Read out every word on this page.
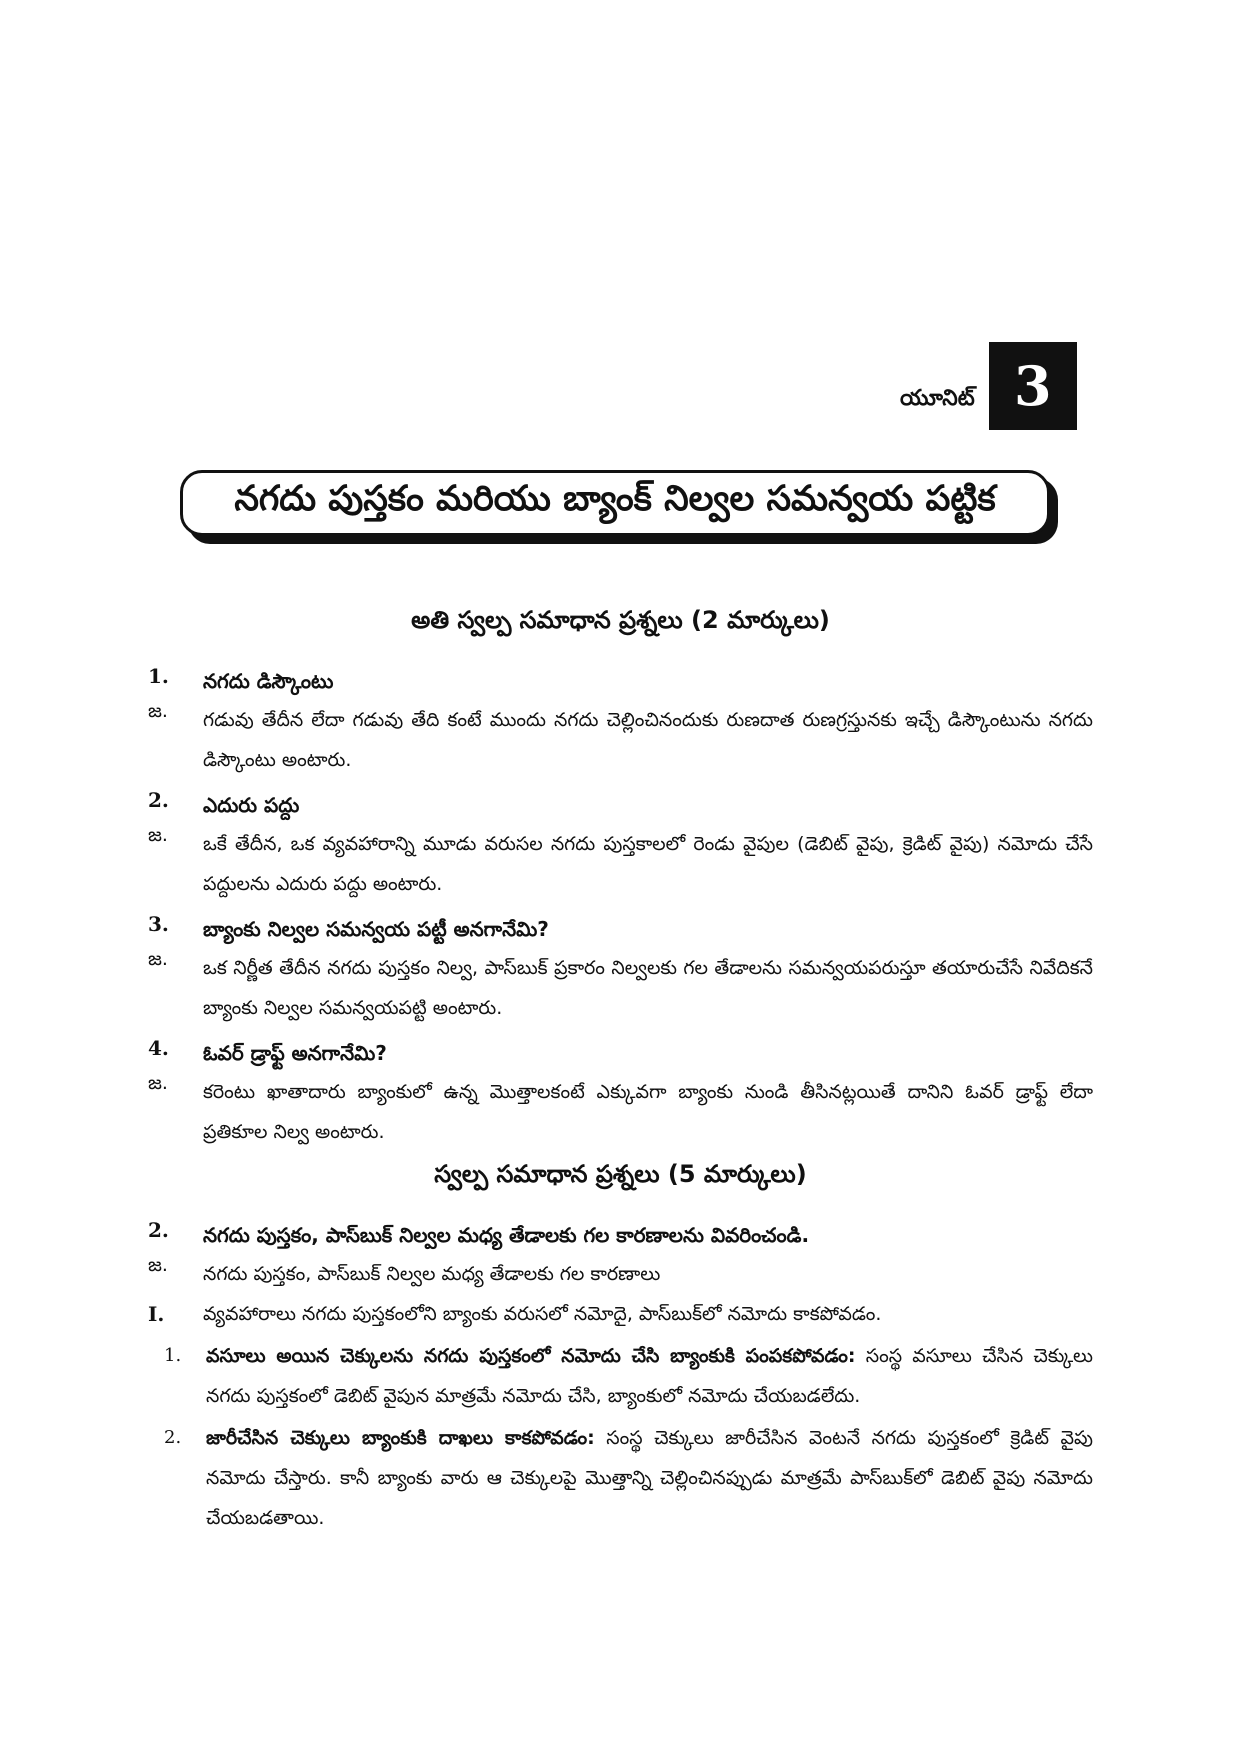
యూనిట్ 3
నగదు పుస్తకం మరియు బ్యాంక్ నిల్వల సమన్వయ పట్టిక
అతి స్వల్ప సమాధాన ప్రశ్నలు (2 మార్కులు)
1.	నగదు డిస్కౌంటు
జ.	గడువు తేదీన లేదా గడువు తేది కంటే ముందు నగదు చెల్లించినందుకు రుణదాత రుణగ్రస్తునకు ఇచ్చే డిస్కౌంటును నగదు డిస్కౌంటు అంటారు.
2.	ఎదురు పద్దు
జ.	ఒకే తేదీన, ఒక వ్యవహారాన్ని మూడు వరుసల నగదు పుస్తకాలలో రెండు వైపుల (డెబిట్ వైపు, క్రెడిట్ వైపు) నమోదు చేసే పద్దులను ఎదురు పద్దు అంటారు.
3.	బ్యాంకు నిల్వల సమన్వయ పట్టీ అనగానేమి?
జ.	ఒక నిర్ణీత తేదీన నగదు పుస్తకం నిల్వ, పాస్‌బుక్ ప్రకారం నిల్వలకు గల తేడాలను సమన్వయపరుస్తూ తయారుచేసే నివేదికనే బ్యాంకు నిల్వల సమన్వయపట్టి అంటారు.
4.	ఓవర్ డ్రాఫ్ట్ అనగానేమి?
జ.	కరెంటు ఖాతాదారు బ్యాంకులో ఉన్న మొత్తాలకంటే ఎక్కువగా బ్యాంకు నుండి తీసినట్లయితే దానిని ఓవర్ డ్రాఫ్ట్ లేదా ప్రతికూల నిల్వ అంటారు.
స్వల్ప సమాధాన ప్రశ్నలు (5 మార్కులు)
2.	నగదు పుస్తకం, పాస్‌బుక్ నిల్వల మధ్య తేడాలకు గల కారణాలను వివరించండి.
జ.	నగదు పుస్తకం, పాస్‌బుక్ నిల్వల మధ్య తేడాలకు గల కారణాలు
I.	వ్యవహారాలు నగదు పుస్తకంలోని బ్యాంకు వరుసలో నమోదై, పాస్‌బుక్‌లో నమోదు కాకపోవడం.
1.	వసూలు అయిన చెక్కులను నగదు పుస్తకంలో నమోదు చేసి బ్యాంకుకి పంపకపోవడం: సంస్థ వసూలు చేసిన చెక్కులు నగదు పుస్తకంలో డెబిట్ వైపున మాత్రమే నమోదు చేసి, బ్యాంకులో నమోదు చేయబడలేదు.
2.	జారీచేసిన చెక్కులు బ్యాంకుకి దాఖలు కాకపోవడం: సంస్థ చెక్కులు జారీచేసిన వెంటనే నగదు పుస్తకంలో క్రెడిట్ వైపు నమోదు చేస్తారు. కానీ బ్యాంకు వారు ఆ చెక్కులపై మొత్తాన్ని చెల్లించినప్పుడు మాత్రమే పాస్‌బుక్‌లో డెబిట్ వైపు నమోదు చేయబడతాయి.
